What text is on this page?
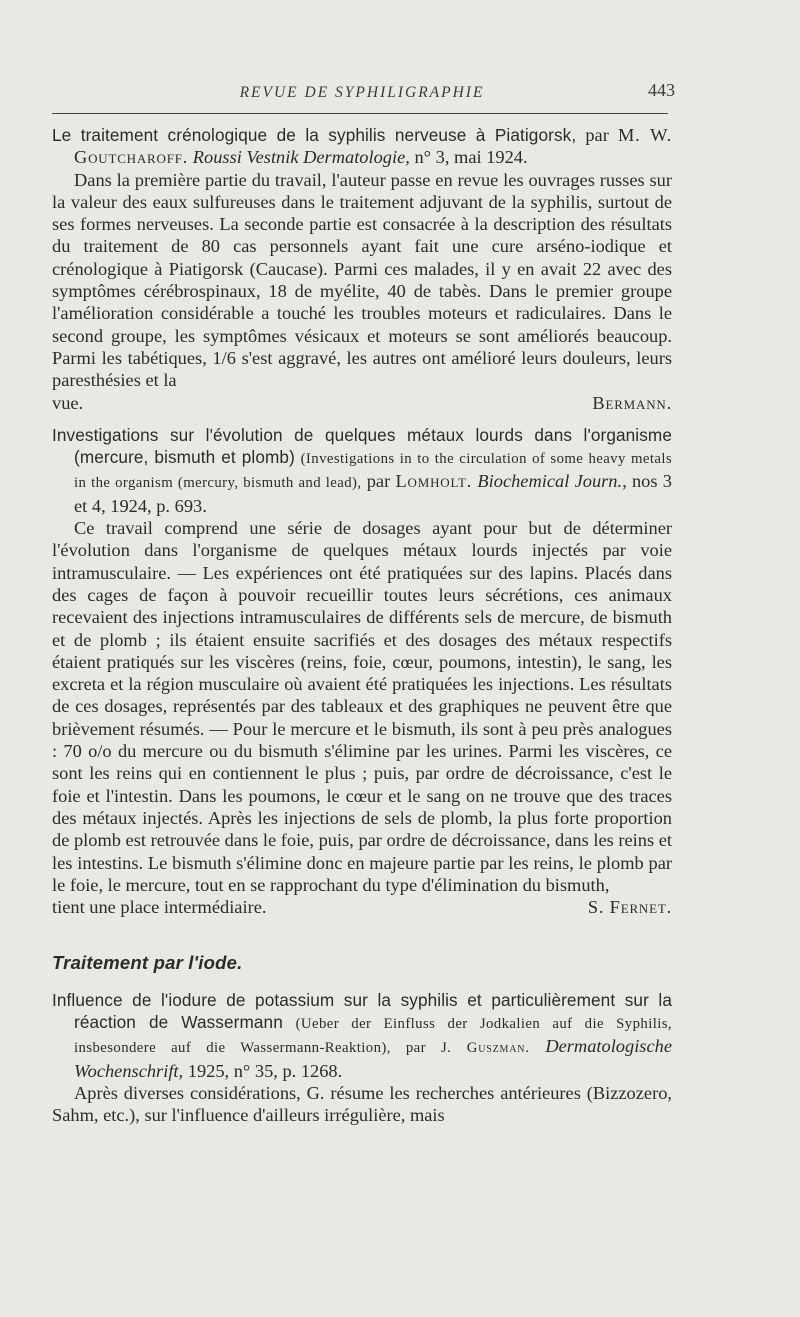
REVUE DE SYPHILIGRAPHIE	443

Le traitement crénologique de la syphilis nerveuse à Piatigorsk, par M. W. Goutcharoff. Roussi Vestnik Dermatologie, n° 3, mai 1924.

Dans la première partie du travail, l'auteur passe en revue les ouvrages russes sur la valeur des eaux sulfureuses dans le traitement adjuvant de la syphilis, surtout de ses formes nerveuses. La seconde partie est consacrée à la description des résultats du traitement de 80 cas personnels ayant fait une cure arséno-iodique et crénologique à Piatigorsk (Caucase). Parmi ces malades, il y en avait 22 avec des symptômes cérébrospinaux, 18 de myélite, 40 de tabès. Dans le premier groupe l'amélioration considérable a touché les troubles moteurs et radiculaires. Dans le second groupe, les symptômes vésicaux et moteurs se sont améliorés beaucoup. Parmi les tabétiques, 1/6 s'est aggravé, les autres ont amélioré leurs douleurs, leurs paresthésies et la

vue.	Bermann.

Investigations sur l'évolution de quelques métaux lourds dans l'organisme (mercure, bismuth et plomb) (Investigations in to the circulation of some heavy metals in the organism (mercury, bismuth and lead), par Lomholt. Biochemical Journ., nos 3 et 4, 1924, p. 693.

Ce travail comprend une série de dosages ayant pour but de déterminer l'évolution dans l'organisme de quelques métaux lourds injectés par voie intramusculaire. — Les expériences ont été pratiquées sur des lapins. Placés dans des cages de façon à pouvoir recueillir toutes leurs sécrétions, ces animaux recevaient des injections intramusculaires de différents sels de mercure, de bismuth et de plomb ; ils étaient ensuite sacrifiés et des dosages des métaux respectifs étaient pratiqués sur les viscères (reins, foie, cœur, poumons, intestin), le sang, les excreta et la région musculaire où avaient été pratiquées les injections. Les résultats de ces dosages, représentés par des tableaux et des graphiques ne peuvent être que brièvement résumés. — Pour le mercure et le bismuth, ils sont à peu près analogues : 70 o/o du mercure ou du bismuth s'élimine par les urines. Parmi les viscères, ce sont les reins qui en contiennent le plus ; puis, par ordre de décroissance, c'est le foie et l'intestin. Dans les poumons, le cœur et le sang on ne trouve que des traces des métaux injectés. Après les injections de sels de plomb, la plus forte proportion de plomb est retrouvée dans le foie, puis, par ordre de décroissance, dans les reins et les intestins. Le bismuth s'élimine donc en majeure partie par les reins, le plomb par le foie, le mercure, tout en se rapprochant du type d'élimination du bismuth,

tient une place intermédiaire.	S. Fernet.
Traitement par l'iode.

Influence de l'iodure de potassium sur la syphilis et particulièrement sur la réaction de Wassermann (Ueber der Einfluss der Jodkalien auf die Syphilis, insbesondere auf die Wassermann-Reaktion), par J. Guszman. Dermatologische Wochenschrift, 1925, n° 35, p. 1268.

Après diverses considérations, G. résume les recherches antérieures (Bizzozero, Sahm, etc.), sur l'influence d'ailleurs irrégulière, mais
